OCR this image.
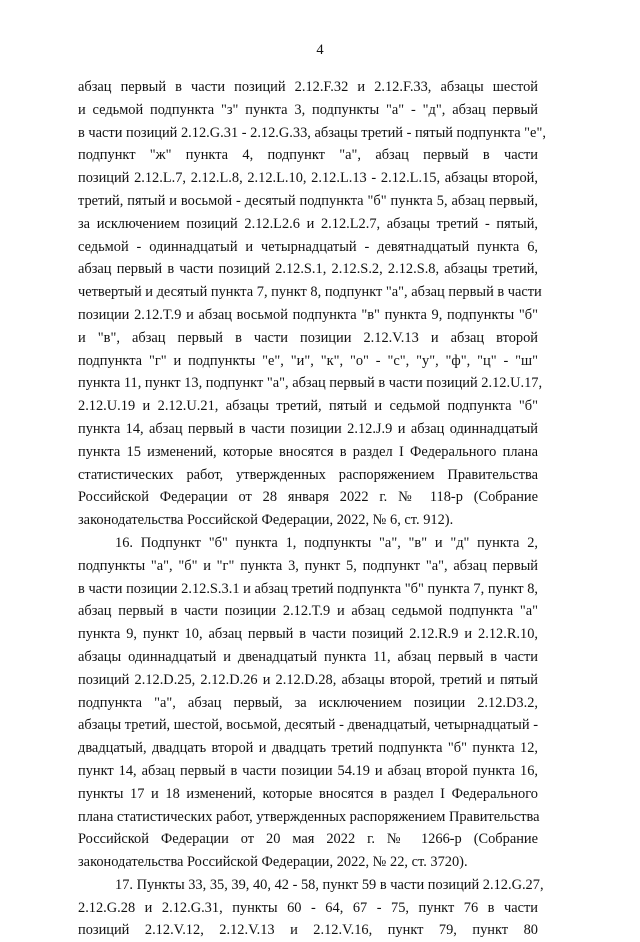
4
абзац первый в части позиций 2.12.F.32 и 2.12.F.33, абзацы шестой
и седьмой подпункта "з" пункта 3, подпункты "а" - "д", абзац первый
в части позиций 2.12.G.31 - 2.12.G.33, абзацы третий - пятый подпункта "е",
подпункт "ж" пункта 4, подпункт "а", абзац первый в части
позиций 2.12.L.7, 2.12.L.8, 2.12.L.10, 2.12.L.13 - 2.12.L.15, абзацы второй,
третий, пятый и восьмой - десятый подпункта "б" пункта 5, абзац первый,
за исключением позиций 2.12.L2.6 и 2.12.L2.7, абзацы третий - пятый,
седьмой - одиннадцатый и четырнадцатый - девятнадцатый пункта 6,
абзац первый в части позиций 2.12.S.1, 2.12.S.2, 2.12.S.8, абзацы третий,
четвертый и десятый пункта 7, пункт 8, подпункт "а", абзац первый в части
позиции 2.12.T.9 и абзац восьмой подпункта "в" пункта 9, подпункты "б"
и "в", абзац первый в части позиции 2.12.V.13 и абзац второй
подпункта "г" и подпункты "е", "и", "к", "о" - "с", "у", "ф", "ц" - "ш"
пункта 11, пункт 13, подпункт "а", абзац первый в части позиций 2.12.U.17,
2.12.U.19 и 2.12.U.21, абзацы третий, пятый и седьмой подпункта "б"
пункта 14, абзац первый в части позиции 2.12.J.9 и абзац одиннадцатый
пункта 15 изменений, которые вносятся в раздел I Федерального плана
статистических работ, утвержденных распоряжением Правительства
Российской Федерации от 28 января 2022 г. № 118-р (Собрание
законодательства Российской Федерации, 2022, № 6, ст. 912).
16. Подпункт "б" пункта 1, подпункты "а", "в" и "д" пункта 2,
подпункты "а", "б" и "г" пункта 3, пункт 5, подпункт "а", абзац первый
в части позиции 2.12.S.3.1 и абзац третий подпункта "б" пункта 7, пункт 8,
абзац первый в части позиции 2.12.T.9 и абзац седьмой подпункта "а"
пункта 9, пункт 10, абзац первый в части позиций 2.12.R.9 и 2.12.R.10,
абзацы одиннадцатый и двенадцатый пункта 11, абзац первый в части
позиций 2.12.D.25, 2.12.D.26 и 2.12.D.28, абзацы второй, третий и пятый
подпункта "а", абзац первый, за исключением позиции 2.12.D3.2,
абзацы третий, шестой, восьмой, десятый - двенадцатый, четырнадцатый -
двадцатый, двадцать второй и двадцать третий подпункта "б" пункта 12,
пункт 14, абзац первый в части позиции 54.19 и абзац второй пункта 16,
пункты 17 и 18 изменений, которые вносятся в раздел I Федерального
плана статистических работ, утвержденных распоряжением Правительства
Российской Федерации от 20 мая 2022 г. № 1266-р (Собрание
законодательства Российской Федерации, 2022, № 22, ст. 3720).
17. Пункты 33, 35, 39, 40, 42 - 58, пункт 59 в части позиций 2.12.G.27,
2.12.G.28 и 2.12.G.31, пункты 60 - 64, 67 - 75, пункт 76 в части
позиций 2.12.V.12, 2.12.V.13 и 2.12.V.16, пункт 79, пункт 80
